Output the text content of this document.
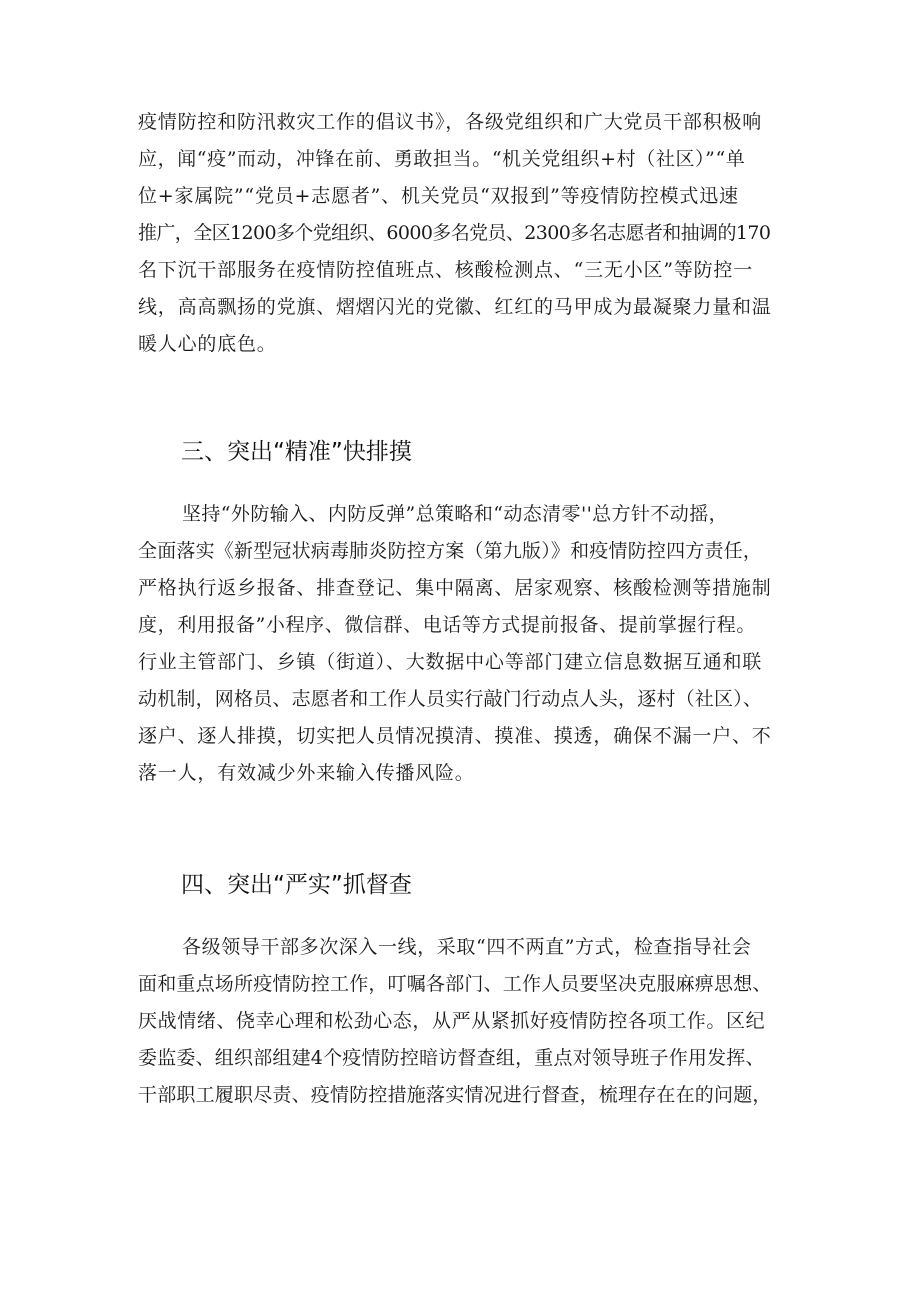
疫情防控和防汛救灾工作的倡议书》，各级党组织和广大党员干部积极响
应，闻“疫”而动，冲锋在前、勇敢担当。“机关党组织+村（社区）”“单
位+家属院”“党员+志愿者”、机关党员“双报到”等疫情防控模式迅速
推广，全区1200多个党组织、6000多名党员、2300多名志愿者和抽调的170
名下沉干部服务在疫情防控值班点、核酸检测点、“三无小区”等防控一
线，高高飘扬的党旗、熠熠闪光的党徽、红红的马甲成为最凝聚力量和温
暖人心的底色。
三、突出“精准”快排摸
坚持“外防输入、内防反弹”总策略和“动态清零''总方针不动摇，
全面落实《新型冠状病毒肺炎防控方案（第九版）》和疫情防控四方责任，
严格执行返乡报备、排查登记、集中隔离、居家观察、核酸检测等措施制
度，利用报备”小程序、微信群、电话等方式提前报备、提前掌握行程。
行业主管部门、乡镇（街道）、大数据中心等部门建立信息数据互通和联
动机制，网格员、志愿者和工作人员实行敲门行动点人头，逐村（社区）、
逐户、逐人排摸，切实把人员情况摸清、摸准、摸透，确保不漏一户、不
落一人，有效减少外来输入传播风险。
四、突出“严实”抓督查
各级领导干部多次深入一线，采取“四不两直”方式，检查指导社会
面和重点场所疫情防控工作，叮嘱各部门、工作人员要坚决克服麻痹思想、
厌战情绪、侥幸心理和松劲心态，从严从紧抓好疫情防控各项工作。区纪
委监委、组织部组建4个疫情防控暗访督查组，重点对领导班子作用发挥、
干部职工履职尽责、疫情防控措施落实情况进行督查，梳理存在在的问题，
